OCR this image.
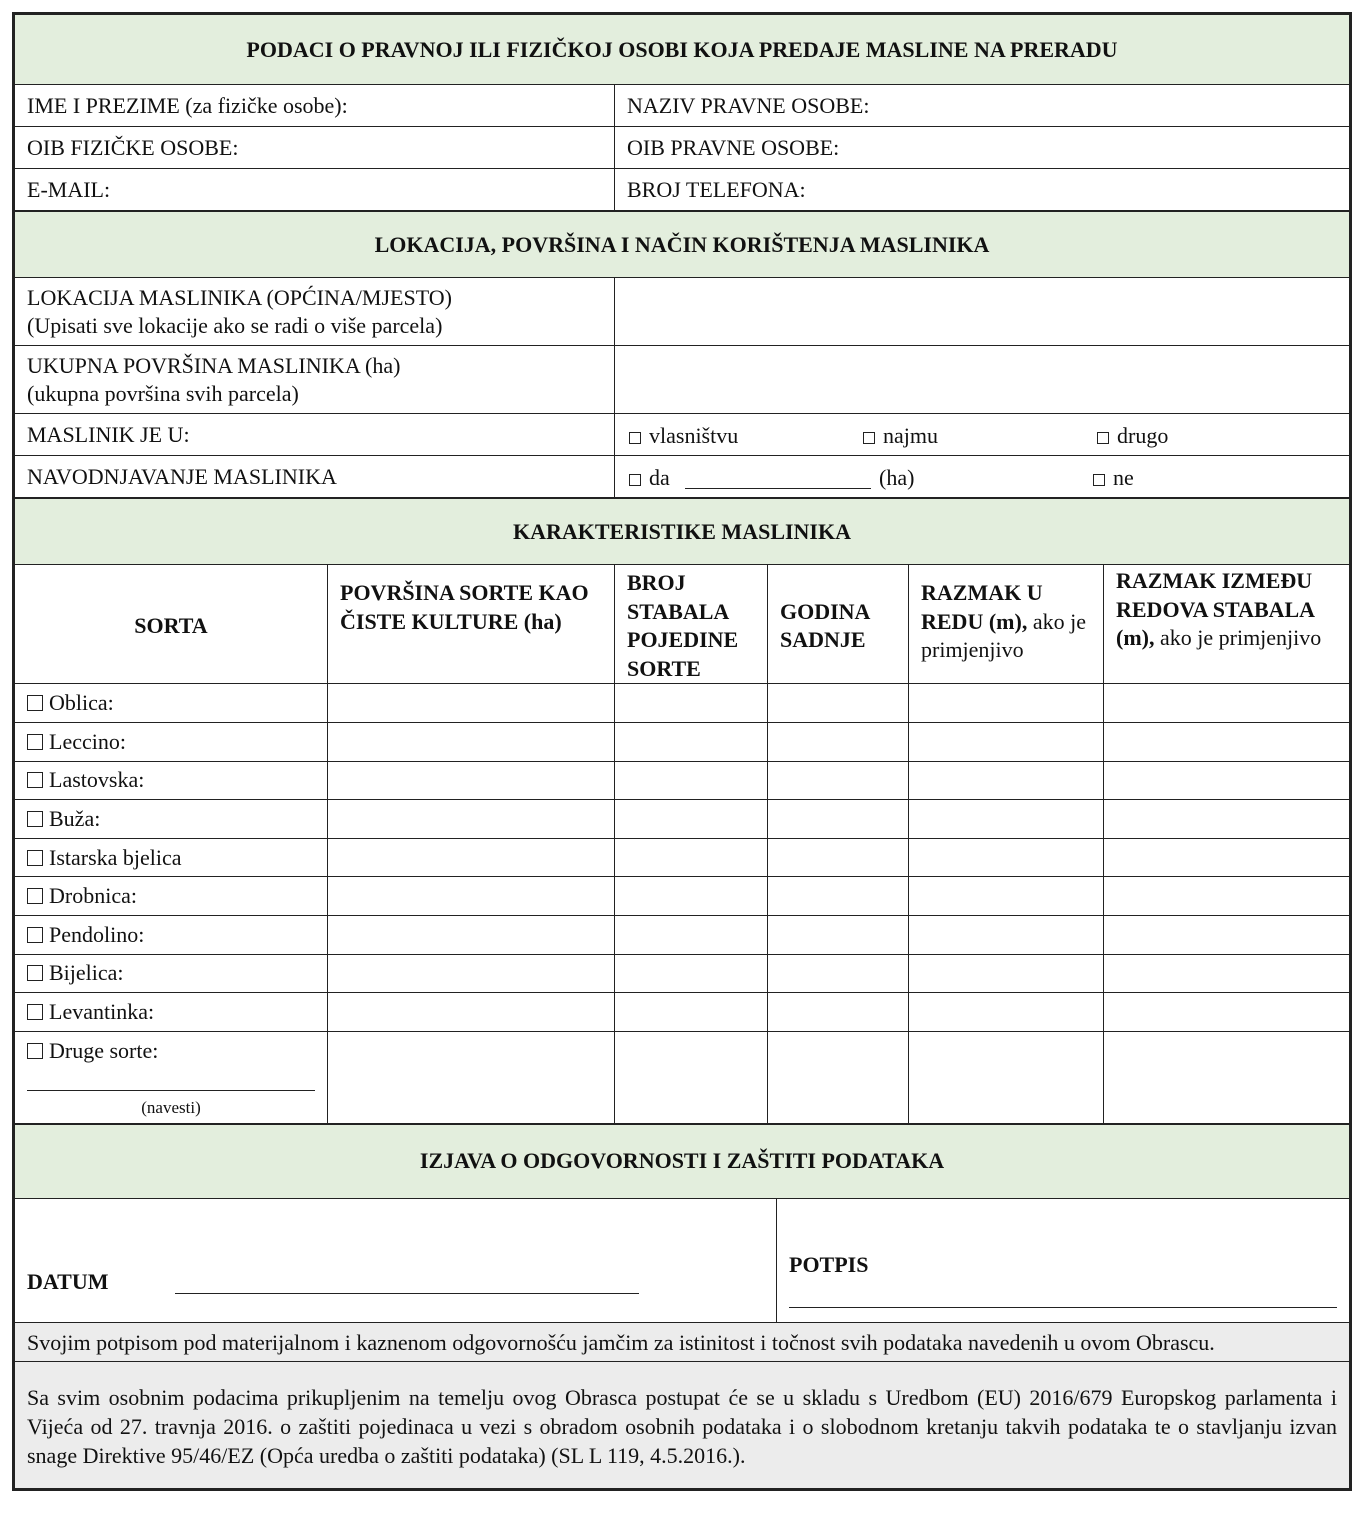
PODACI O PRAVNOJ ILI FIZIČKOJ OSOBI KOJA PREDAJE MASLINE NA PRERADU	
IME I PREZIME (za fizičke osobe):	NAZIV PRAVNE OSOBE:
OIB FIZIČKE OSOBE:	OIB PRAVNE OSOBE:
E-MAIL:	BROJ TELEFONA:
LOKACIJA, POVRŠINA I NAČIN KORIŠTENJA MASLINIKA	

LOKACIJA MASLINIKA (OPĆINA/MJESTO)
(Upisati sve lokacije ako se radi o više parcela)	

UKUPNA POVRŠINA MASLINIKA (ha)
(ukupna površina svih parcela)	

MASLINIK JE U:	vlasništvu najmu drugo

NAVODNJAVANJE MASLINIKA	da (ha) ne
KARAKTERISTIKE MASLINIKA					
SORTA	POVRŠINA SORTE KAO ČISTE KULTURE (ha)	BROJ STABALA POJEDINE SORTE	GODINA SADNJE	RAZMAK U REDU (m), ako je primjenjivo	RAZMAK IZMEĐU REDOVA STABALA (m), ako je primjenjivo
Oblica:					
Leccino:					
Lastovska:					
Buža:					
Istarska bjelica					
Drobnica:					
Pendolino:					
Bijelica:					
Levantinka:					

Druge sorte:
(navesti)					

IZJAVA O ODGOVORNOSTI I ZAŠTITI PODATAKA

DATUM

POTPIS

Svojim potpisom pod materijalnom i kaznenom odgovornošću jamčim za istinitost i točnost svih podataka navedenih u ovom Obrascu.
Sa svim osobnim podacima prikupljenim na temelju ovog Obrasca postupat će se u skladu s Uredbom (EU) 2016/679 Europskog parlamenta i Vijeća od 27. travnja 2016. o zaštiti pojedinaca u vezi s obradom osobnih podataka i o slobodnom kretanju takvih podataka te o stavljanju izvan snage Direktive 95/46/EZ (Opća uredba o zaštiti podataka) (SL L 119, 4.5.2016.).
